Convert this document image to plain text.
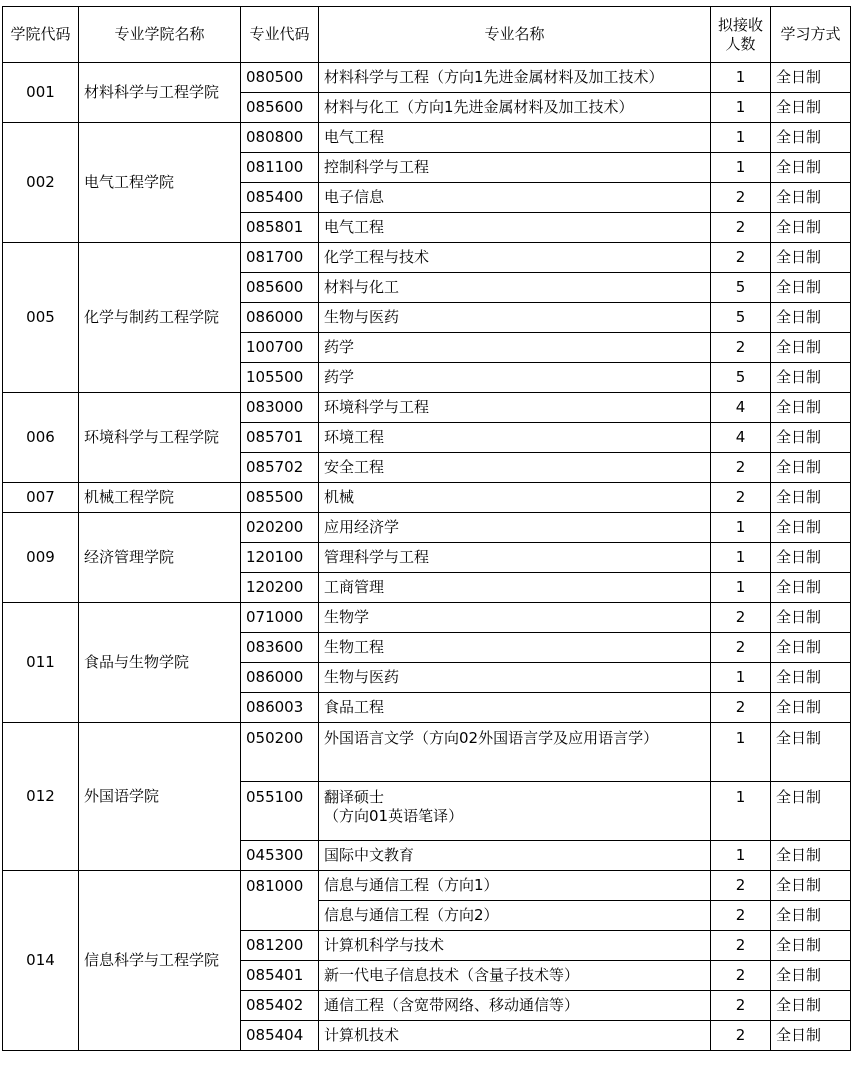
学院代码	专业学院名称	专业代码	专业名称	拟接收
人数	学习方式
001	材料科学与工程学院	080500	材料科学与工程（方向1先进金属材料及加工技术）	1	全日制
		085600	材料与化工（方向1先进金属材料及加工技术）	1	全日制
002	电气工程学院	080800	电气工程	1	全日制
		081100	控制科学与工程	1	全日制
		085400	电子信息	2	全日制
		085801	电气工程	2	全日制
005	化学与制药工程学院	081700	化学工程与技术	2	全日制
		085600	材料与化工	5	全日制
		086000	生物与医药	5	全日制
		100700	药学	2	全日制
		105500	药学	5	全日制
006	环境科学与工程学院	083000	环境科学与工程	4	全日制
		085701	环境工程	4	全日制
		085702	安全工程	2	全日制
007	机械工程学院	085500	机械	2	全日制
009	经济管理学院	020200	应用经济学	1	全日制
		120100	管理科学与工程	1	全日制
		120200	工商管理	1	全日制
011	食品与生物学院	071000	生物学	2	全日制
		083600	生物工程	2	全日制
		086000	生物与医药	1	全日制
		086003	食品工程	2	全日制
012	外国语学院	050200	外国语言文学（方向02外国语言学及应用语言学）	1	全日制
		055100	翻译硕士
（方向01英语笔译）	1	全日制
		045300	国际中文教育	1	全日制
014	信息科学与工程学院	081000	信息与通信工程（方向1）	2	全日制
			信息与通信工程（方向2）	2	全日制
		081200	计算机科学与技术	2	全日制
		085401	新一代电子信息技术（含量子技术等）	2	全日制
		085402	通信工程（含宽带网络、移动通信等）	2	全日制
		085404	计算机技术	2	全日制
